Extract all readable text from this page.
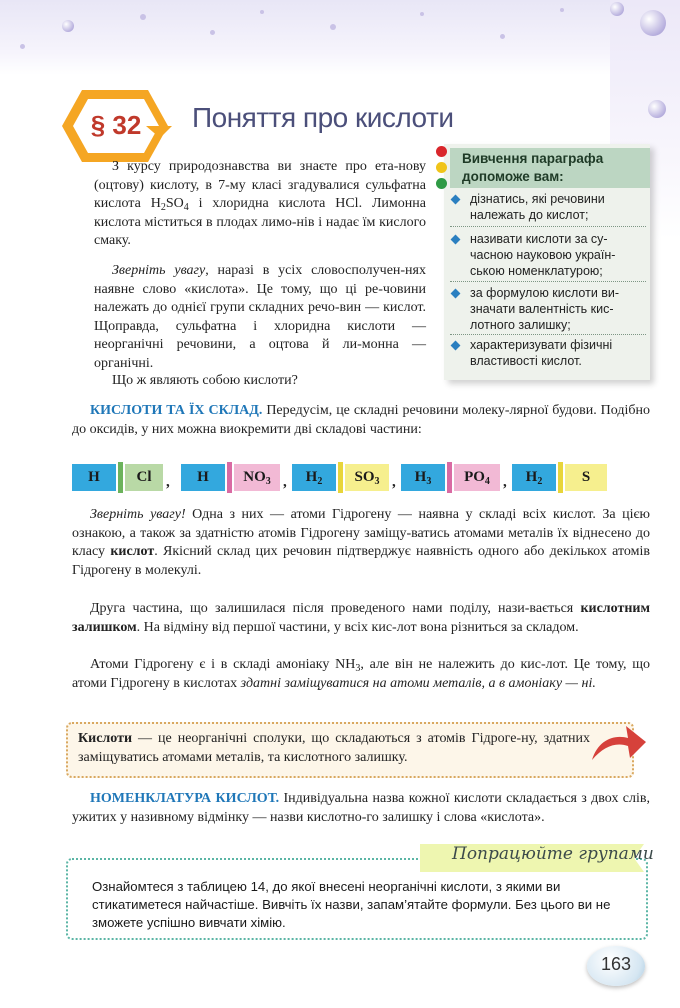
§ 32	Поняття про кислоти
З курсу природознавства ви знаєте про ета-нову (оцтову) кислоту, в 7-му класі згадувалися сульфатна кислота $H_2SO_4$ і хлоридна кислота HCl. Лимонна кислота міститься в плодах лимо-нів і надає їм кислого смаку.
Зверніть увагу, наразі в усіх словосполучен-нях наявне слово «кислота». Це тому, що ці ре-човини належать до однієї групи складних речо-вин — кислот. Щоправда, сульфатна і хлоридна кислоти — неорганічні речовини, а оцтова й ли-монна — органічні.
Що ж являють собою кислоти?
Вивчення параграфа допоможе вам:
дізнатись, які речовини належать до кислот;
називати кислоти за су-часною науковою україн-ською номенклатурою;
за формулою кислоти ви-значати валентність кис-лотного залишку;
характеризувати фізичні властивості кислот.
КИСЛОТИ ТА ЇХ СКЛАД. Передусім, це складні речовини молеку-лярної будови. Подібно до оксидів, у них можна виокремити дві складові частини:
H	Cl ,	H	$NO_3$ ,	$H_2$	$SO_3$ ,	$H_3$	$PO_4$ ,	$H_2$	S
Зверніть увагу! Одна з них — атоми Гідрогену — наявна у складі всіх кислот. За цією ознакою, а також за здатністю атомів Гідрогену заміщу-ватись атомами металів їх віднесено до класу кислот. Якісний склад цих речовин підтверджує наявність одного або декількох атомів Гідрогену в молекулі.
Друга частина, що залишилася після проведеного нами поділу, нази-вається кислотним залишком. На відміну від першої частини, у всіх кис-лот вона різниться за складом.
Атоми Гідрогену є і в складі амоніаку $NH_3$, але він не належить до кис-лот. Це тому, що атоми Гідрогену в кислотах здатні заміщуватися на атоми металів, а в амоніаку — ні.
Кислоти — це неорганічні сполуки, що складаються з атомів Гідроге-ну, здатних заміщуватись атомами металів, та кислотного залишку.
НОМЕНКЛАТУРА КИСЛОТ. Індивідуальна назва кожної кислоти складається з двох слів, ужитих у називному відмінку — назви кислотно-го залишку і слова «кислота».
Попрацюйте групами
Ознайомтеся з таблицею 14, до якої внесені неорганічні кислоти, з якими ви стикатиметеся найчастіше. Вивчіть їх назви, запам’ятайте формули. Без цього ви не зможете успішно вивчати хімію.
163
